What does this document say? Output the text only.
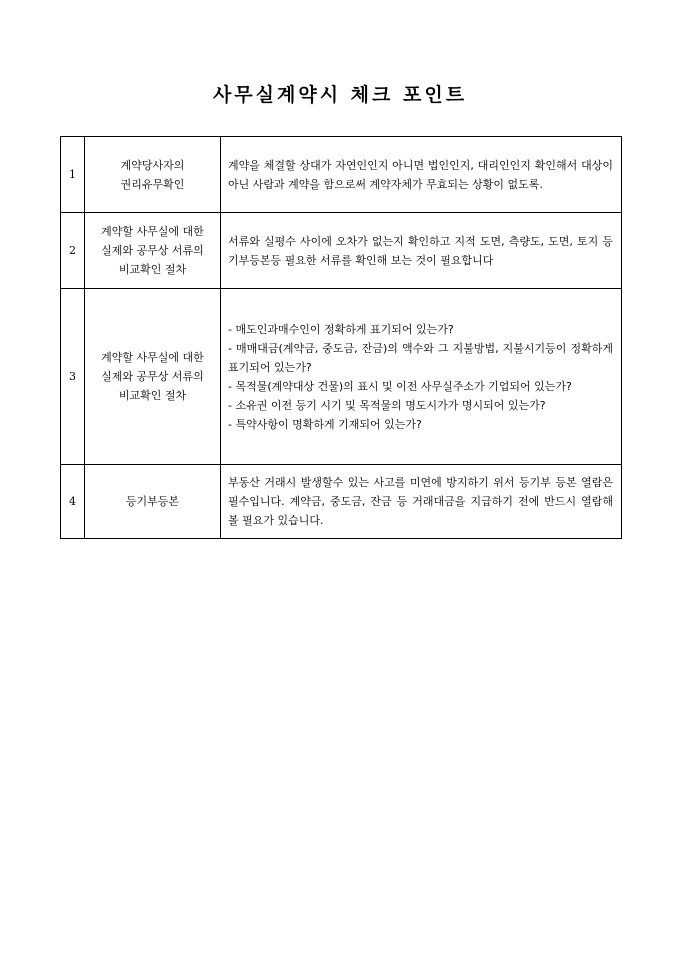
사무실계약시 체크 포인트
1	계약당사자의
권리유무확인	계약을 체결할 상대가 자연인인지 아니면 법인인지, 대리인인지 확인해서 대상이 아닌 사람과 계약을 함으로써 계약자체가 무효되는 상황이 없도록.

2	계약할 사무실에 대한
실제와 공무상 서류의
비교확인 절차	서류와 실평수 사이에 오차가 없는지 확인하고 지적 도면, 측량도, 도면, 토지 등기부등본등 필요한 서류를 확인해 보는 것이 필요합니다

3	계약할 사무실에 대한
실제와 공무상 서류의
비교확인 절차	- 매도인과매수인이 정확하게 표기되어 있는가?
- 매매대금(계약금, 중도금, 잔금)의 액수와 그 지불방법, 지불시기등이 정확하게 표기되어 있는가?
- 목적물(계약대상 건물)의 표시 및 이전 사무실주소가 기업되어 있는가?
- 소유권 이전 등기 시기 및 목적물의 명도시가가 명시되어 있는가?
- 특약사항이 명확하게 기재되어 있는가?

4	등기부등본	부동산 거래시 발생할수 있는 사고를 미연에 방지하기 위서 등기부 등본 열람은 필수입니다. 계약금, 중도금, 잔금 등 거래대금을 지급하기 전에 반드시 열람해 볼 필요가 있습니다.
